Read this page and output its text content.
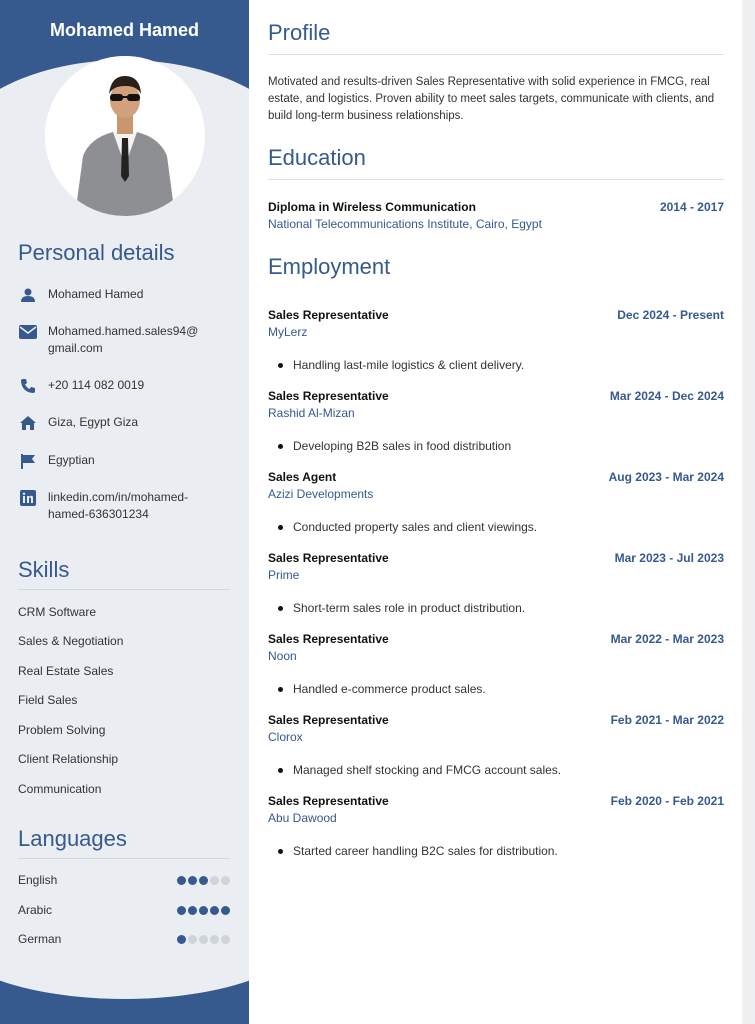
Mohamed Hamed
Personal details
Mohamed Hamed
Mohamed.hamed.sales94@ gmail.com
+20 114 082 0019
Giza, Egypt Giza
Egyptian
linkedin.com/in/mohamed-hamed-636301234
Skills
CRM Software
Sales & Negotiation
Real Estate Sales
Field Sales
Problem Solving
Client Relationship
Communication
Languages
English
Arabic
German
Profile
Motivated and results-driven Sales Representative with solid experience in FMCG, real estate, and logistics. Proven ability to meet sales targets, communicate with clients, and build long-term business relationships.
Education
Diploma in Wireless Communication	2014 - 2017
National Telecommunications Institute, Cairo, Egypt
Employment
Sales Representative	Dec 2024 - Present
MyLerz
Handling last-mile logistics & client delivery.
Sales Representative	Mar 2024 - Dec 2024
Rashid Al-Mizan
Developing B2B sales in food distribution
Sales Agent	Aug 2023 - Mar 2024
Azizi Developments
Conducted property sales and client viewings.
Sales Representative	Mar 2023 - Jul 2023
Prime
Short-term sales role in product distribution.
Sales Representative	Mar 2022 - Mar 2023
Noon
Handled e-commerce product sales.
Sales Representative	Feb 2021 - Mar 2022
Clorox
Managed shelf stocking and FMCG account sales.
Sales Representative	Feb 2020 - Feb 2021
Abu Dawood
Started career handling B2C sales for distribution.
